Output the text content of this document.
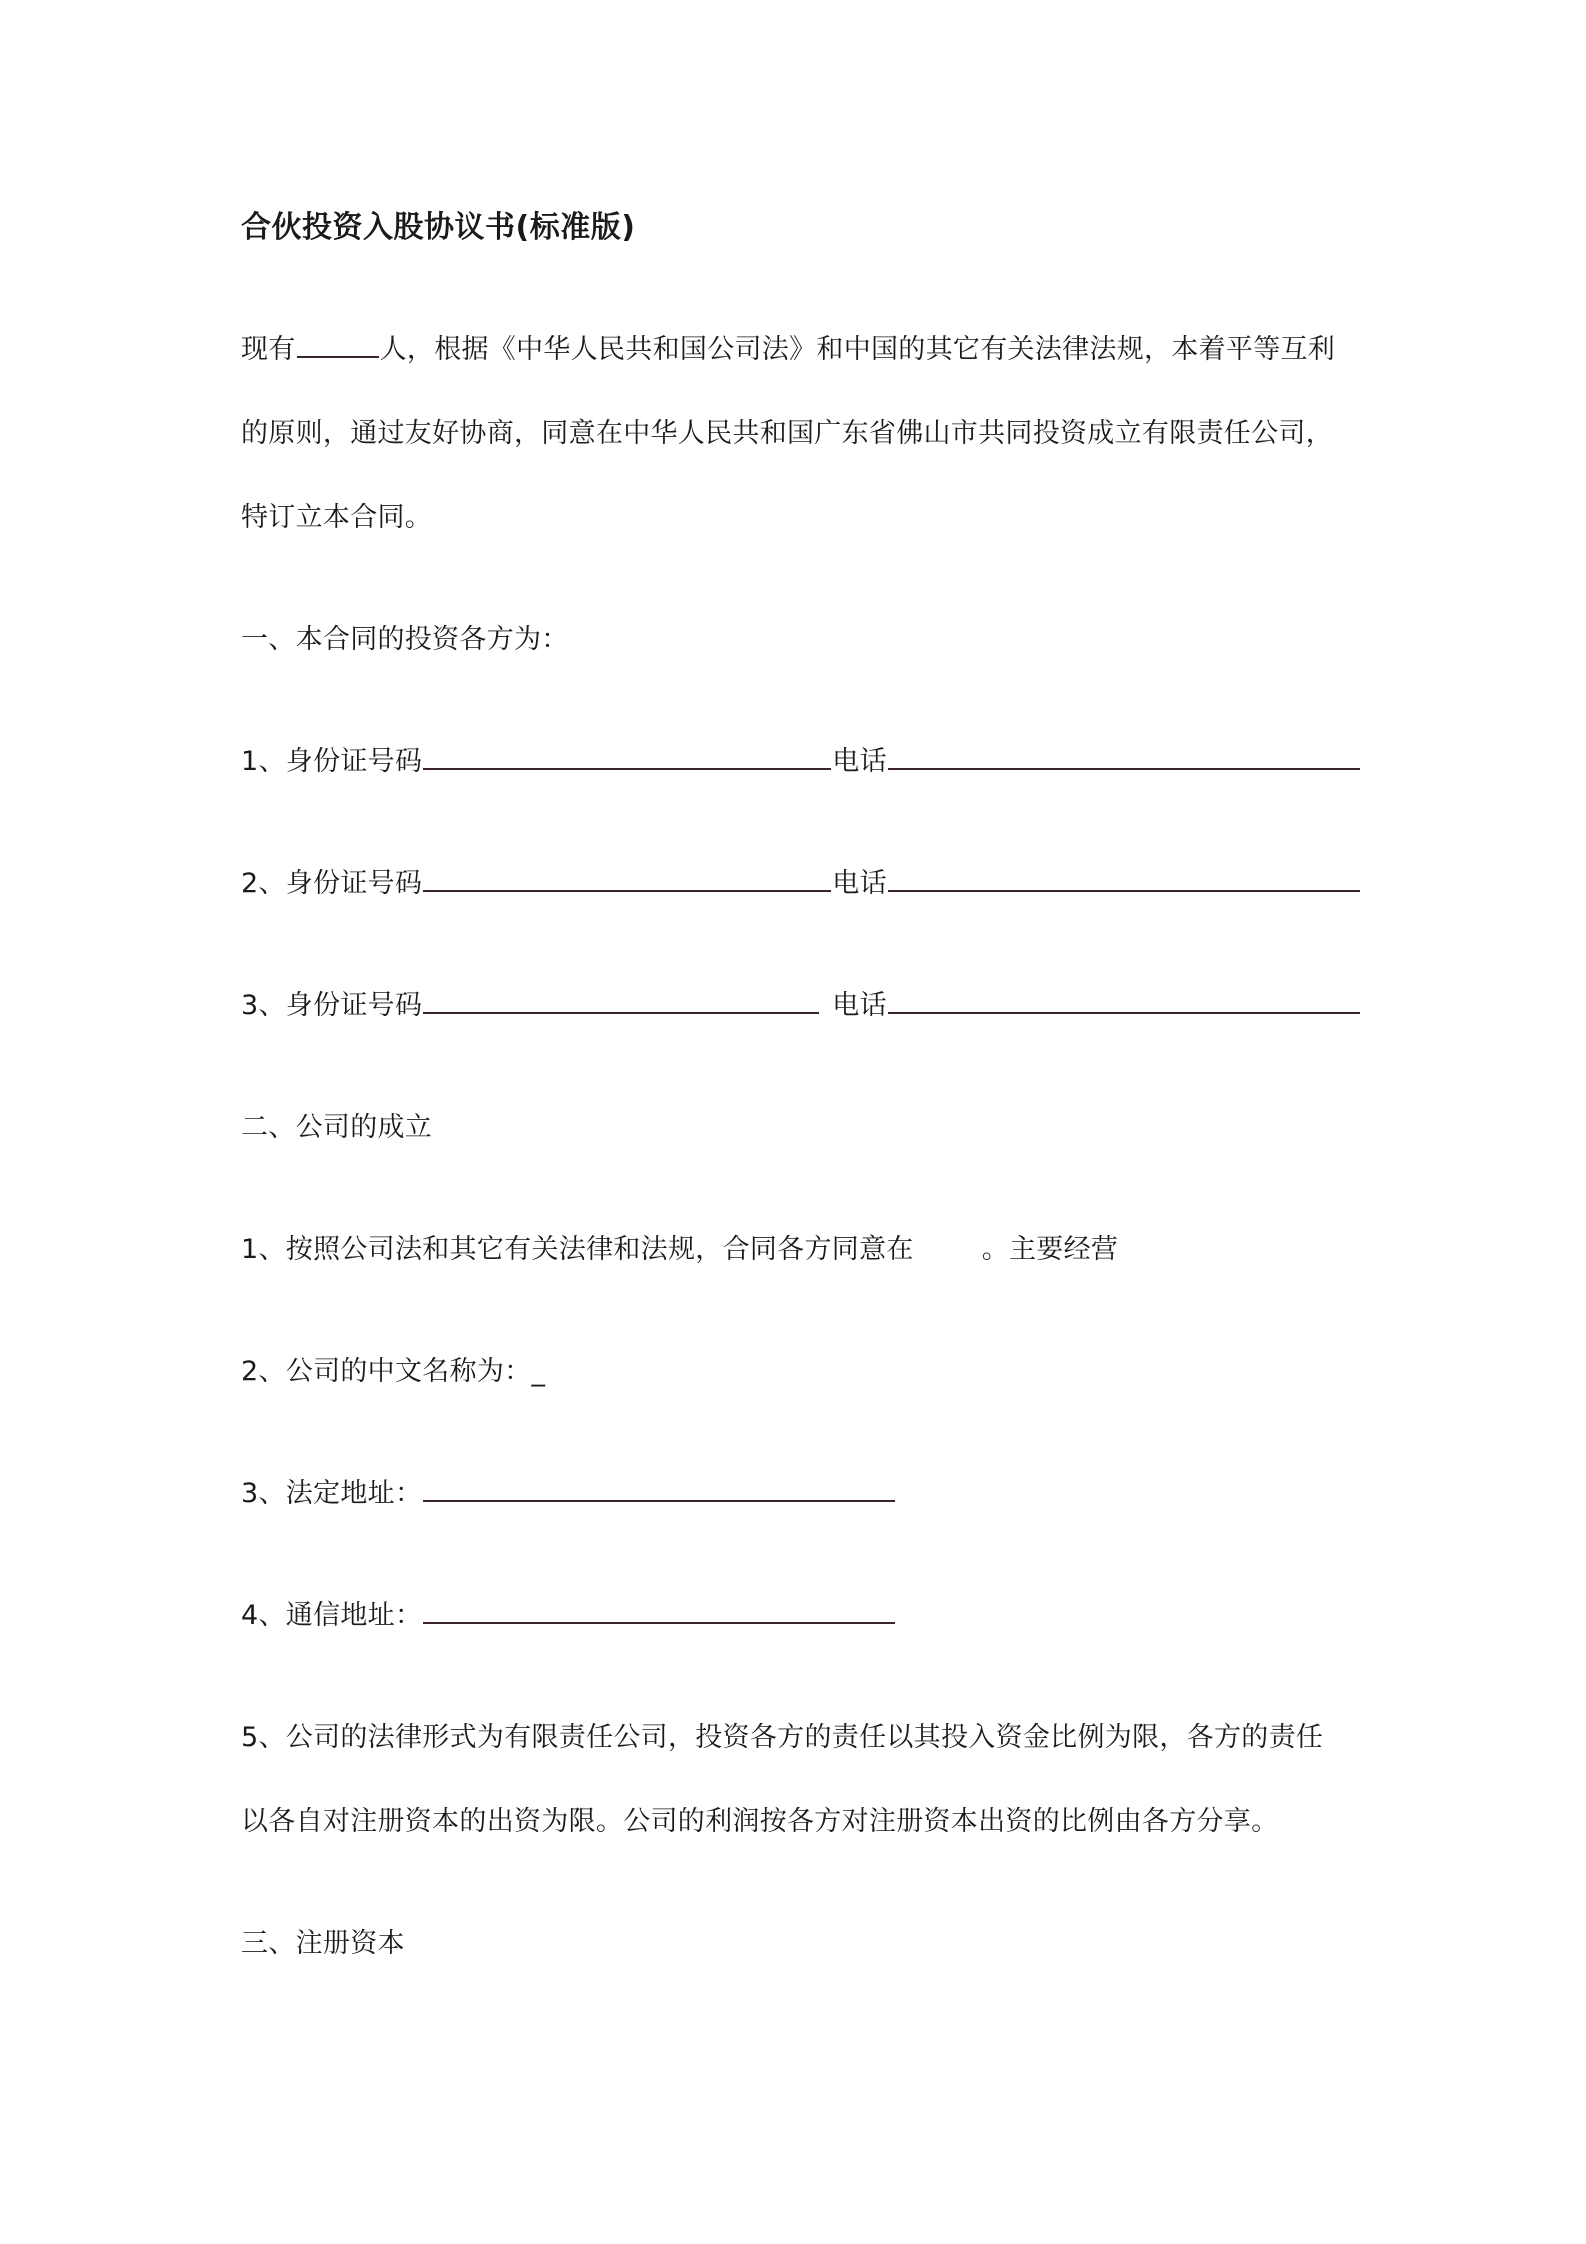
合伙投资入股协议书(标准版)
现有	人，根据《中华人民共和国公司法》和中国的其它有关法律法规，本着平等互利
的原则，通过友好协商，同意在中华人民共和国广东省佛山市共同投资成立有限责任公司，
特订立本合同。
一、本合同的投资各方为：
1、身份证号码	电话
2、身份证号码	电话
3、身份证号码	电话
二、公司的成立
1、按照公司法和其它有关法律和法规，合同各方同意在	。主要经营
2、公司的中文名称为：_
3、法定地址：
4、通信地址：
5、公司的法律形式为有限责任公司，投资各方的责任以其投入资金比例为限，各方的责任
以各自对注册资本的出资为限。公司的利润按各方对注册资本出资的比例由各方分享。
三、注册资本
